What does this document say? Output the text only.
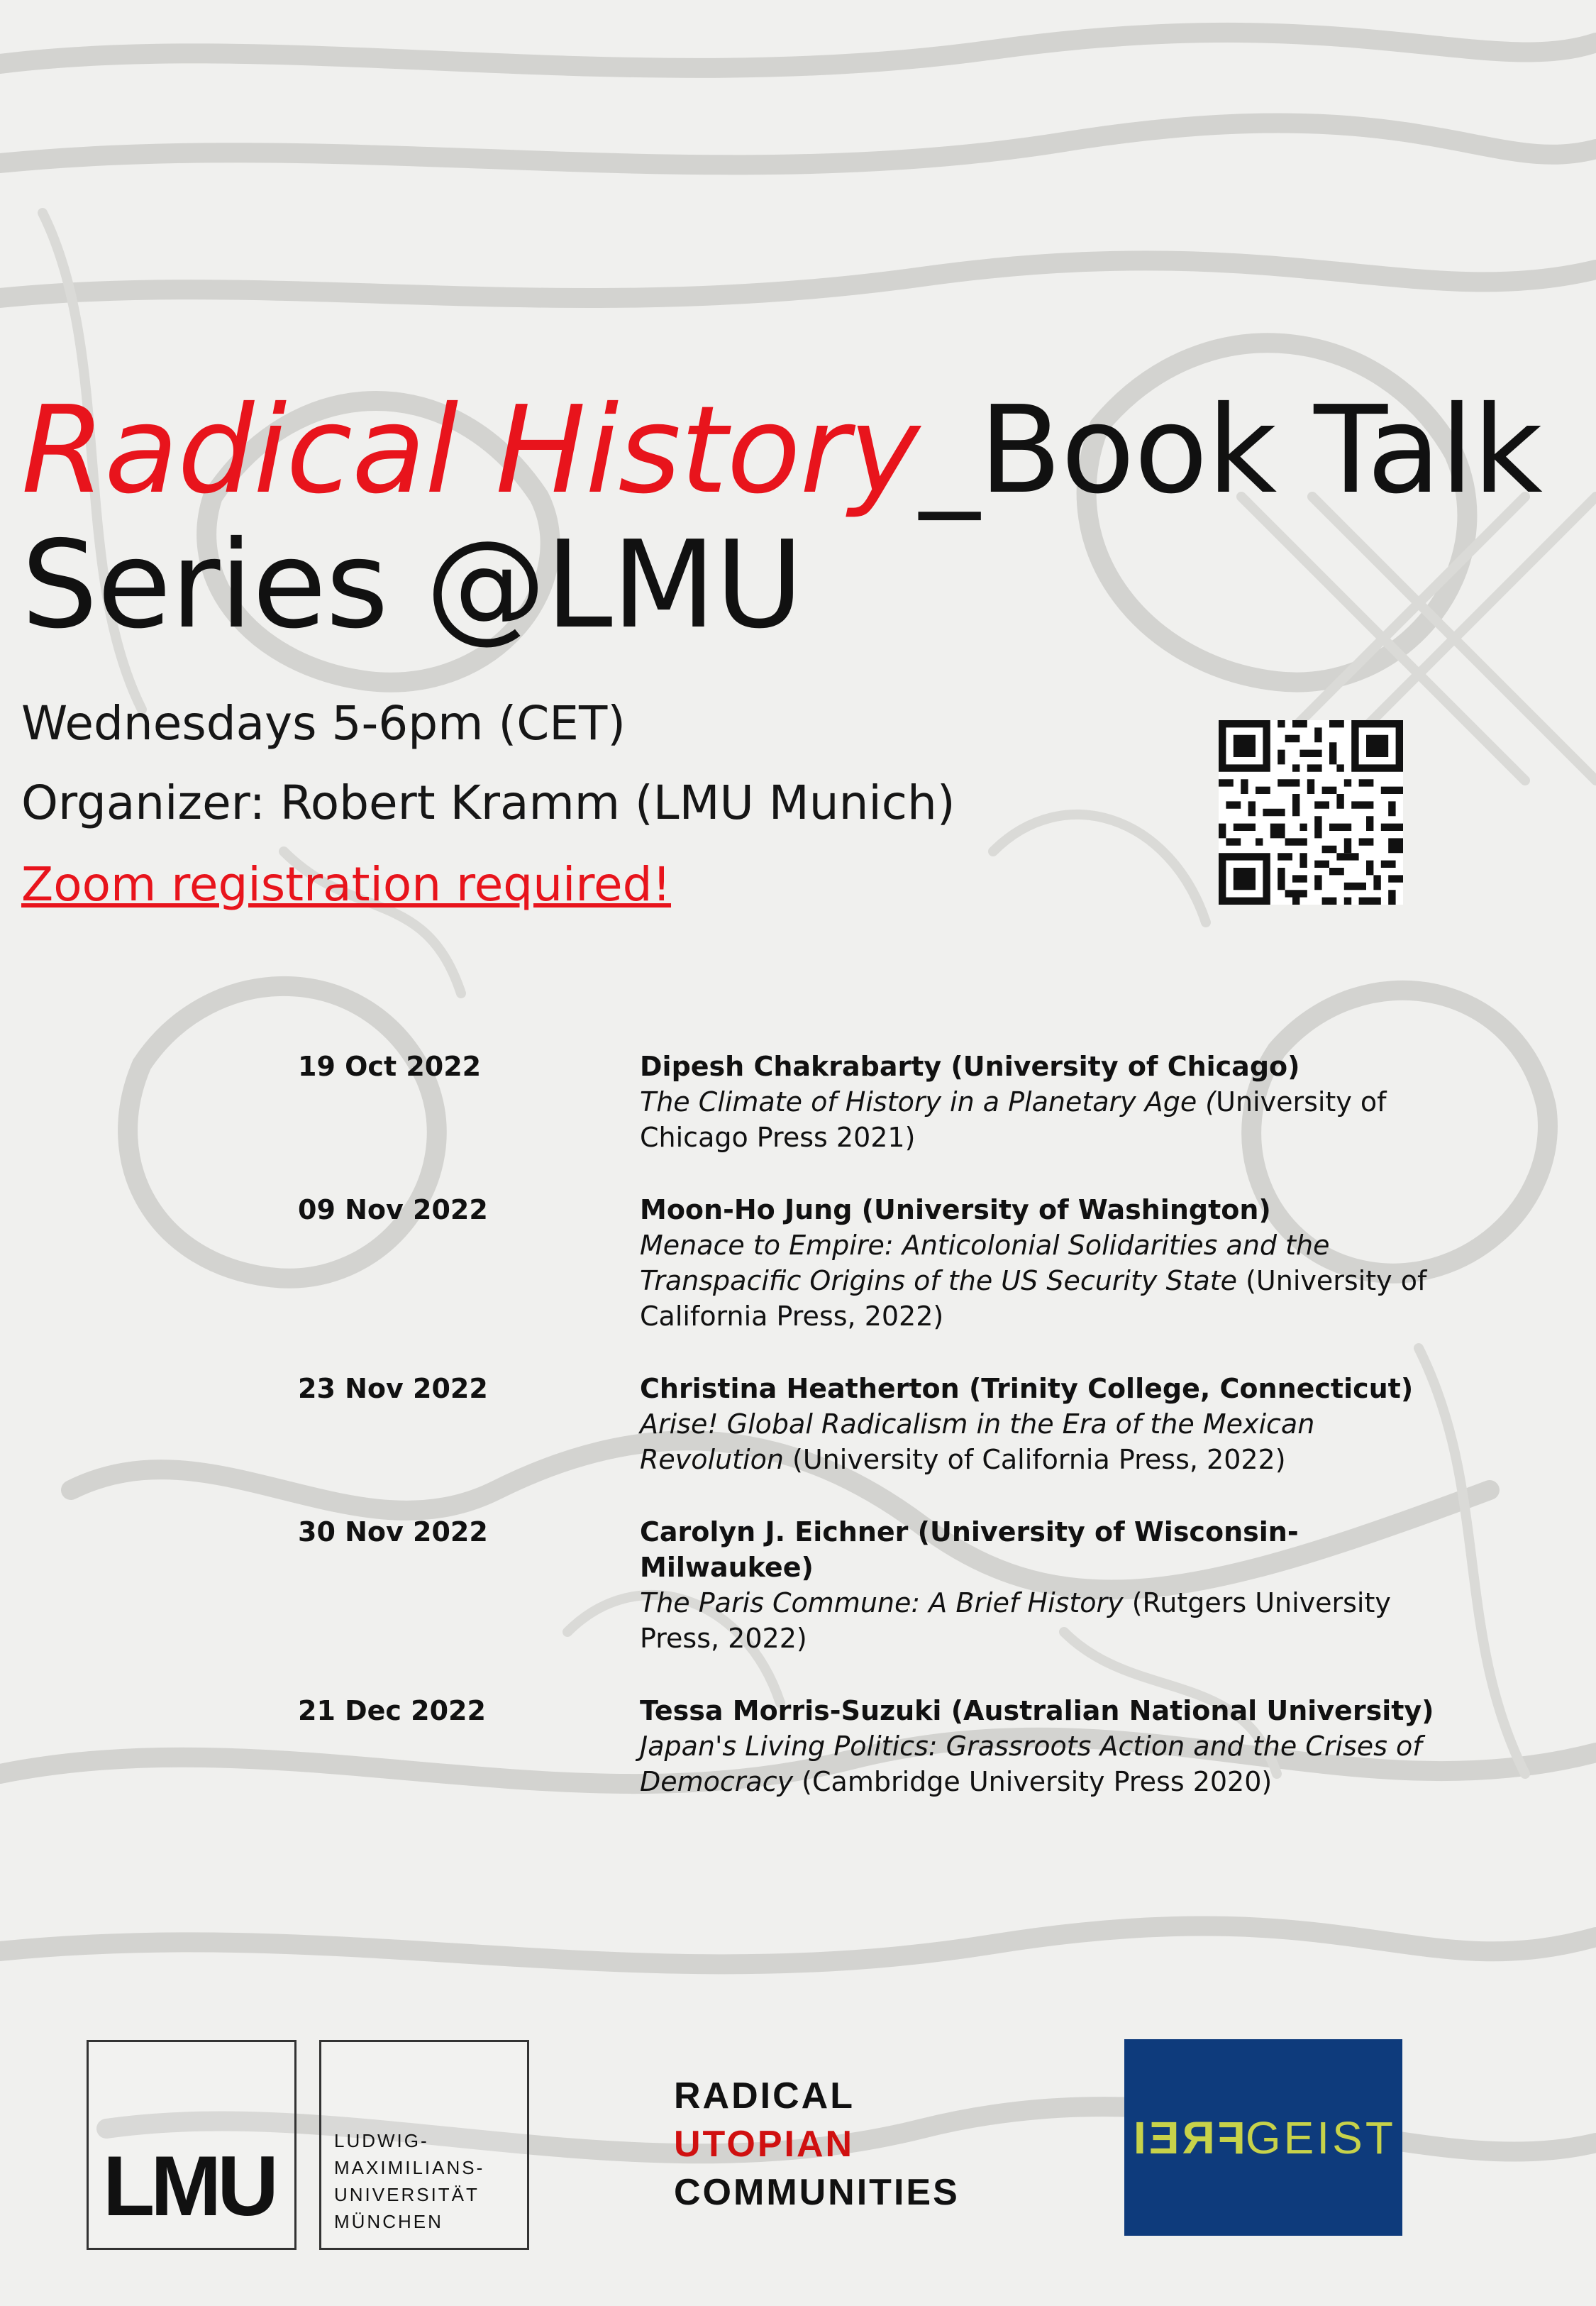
Radical History_Book Talk Series @LMU
Wednesdays 5-6pm (CET)
Organizer: Robert Kramm (LMU Munich)
Zoom registration required!
19 Oct 2022	Dipesh Chakrabarty (University of Chicago)
The Climate of History in a Planetary Age (University of Chicago Press 2021)
09 Nov 2022	Moon-Ho Jung (University of Washington)
Menace to Empire: Anticolonial Solidarities and the Transpacific Origins of the US Security State (University of California Press, 2022)
23 Nov 2022	Christina Heatherton (Trinity College, Connecticut)
Arise! Global Radicalism in the Era of the Mexican Revolution (University of California Press, 2022)
30 Nov 2022	Carolyn J. Eichner (University of Wisconsin-Milwaukee)
The Paris Commune: A Brief History (Rutgers University Press, 2022)
21 Dec 2022	Tessa Morris-Suzuki (Australian National University)
Japan's Living Politics: Grassroots Action and the Crises of Democracy (Cambridge University Press 2020)
LMU	LUDWIG-
MAXIMILIANS-
UNIVERSITÄT
MÜNCHEN
RADICAL
UTOPIAN
COMMUNITIES
FREIGEIST
